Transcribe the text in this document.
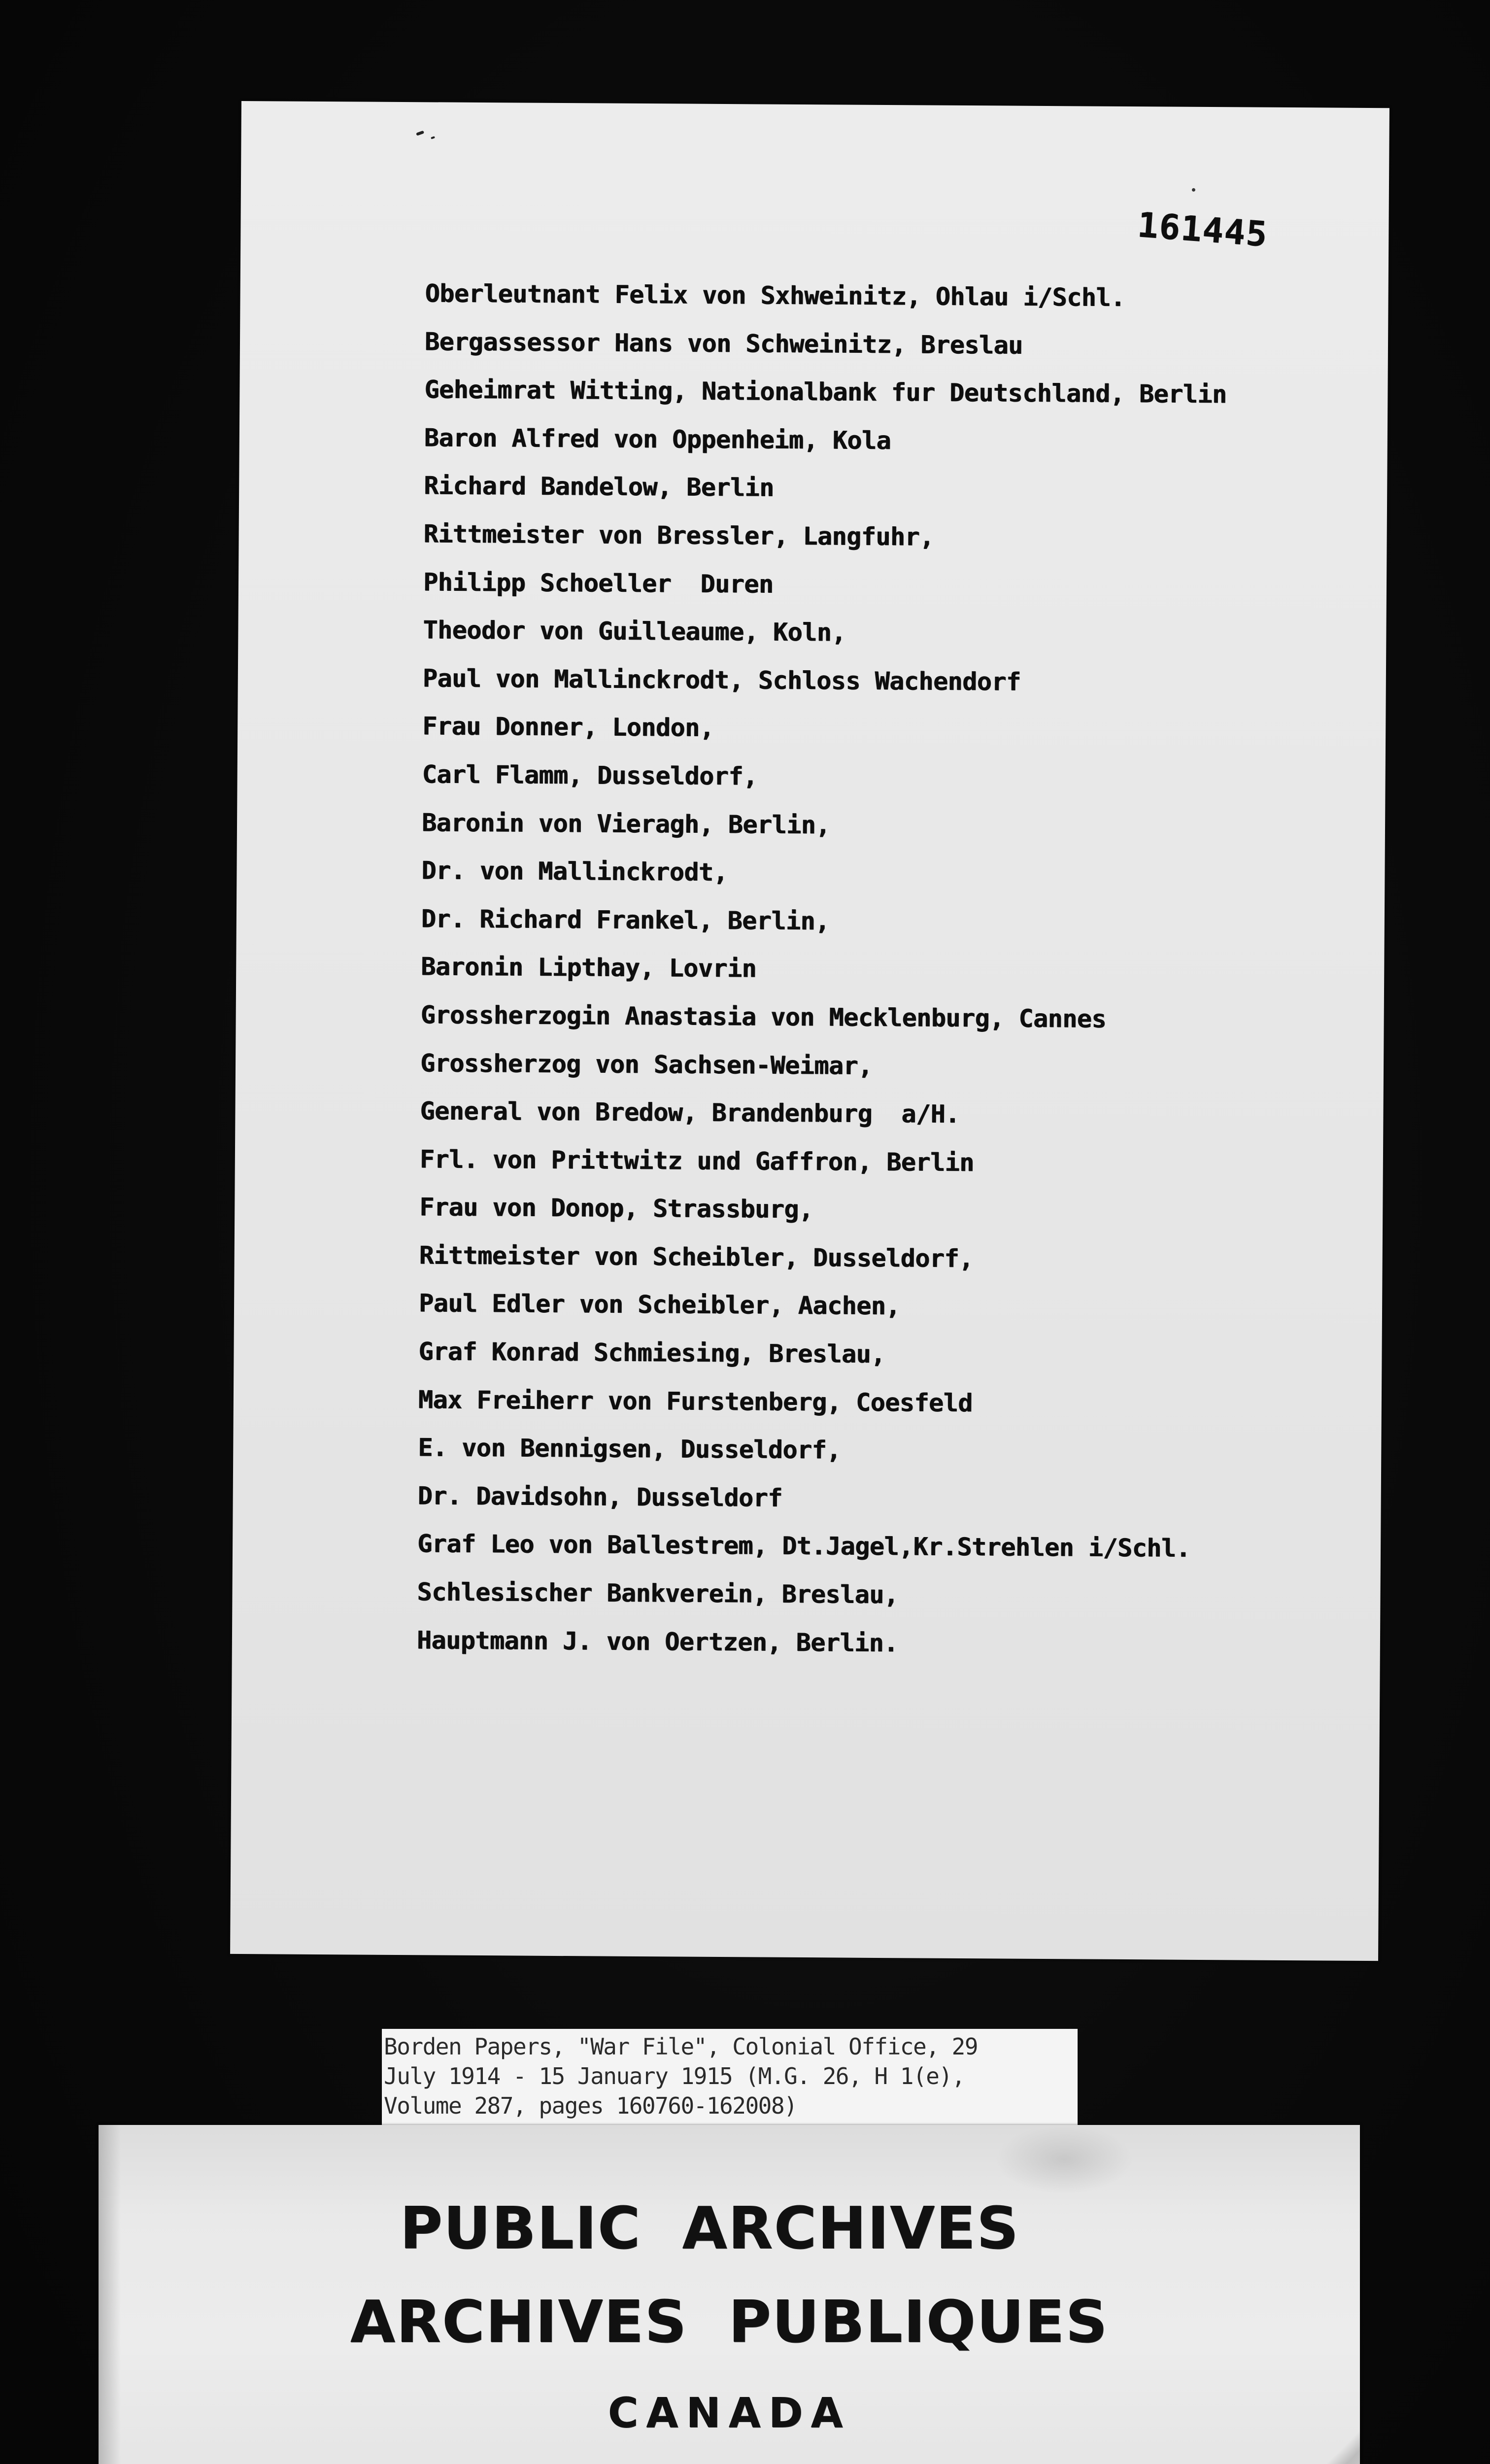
161445
Oberleutnant Felix von Sxhweinitz, Ohlau i/Schl.
Bergassessor Hans von Schweinitz, Breslau
Geheimrat Witting, Nationalbank fur Deutschland, Berlin
Baron Alfred von Oppenheim, Kola
Richard Bandelow, Berlin
Rittmeister von Bressler, Langfuhr,
Philipp Schoeller  Duren
Theodor von Guilleaume, Koln,
Paul von Mallinckrodt, Schloss Wachendorf
Frau Donner, London,
Carl Flamm, Dusseldorf,
Baronin von Vieragh, Berlin,
Dr. von Mallinckrodt,
Dr. Richard Frankel, Berlin,
Baronin Lipthay, Lovrin
Grossherzogin Anastasia von Mecklenburg, Cannes
Grossherzog von Sachsen-Weimar,
General von Bredow, Brandenburg  a/H.
Frl. von Prittwitz und Gaffron, Berlin
Frau von Donop, Strassburg,
Rittmeister von Scheibler, Dusseldorf,
Paul Edler von Scheibler, Aachen,
Graf Konrad Schmiesing, Breslau,
Max Freiherr von Furstenberg, Coesfeld
E. von Bennigsen, Dusseldorf,
Dr. Davidsohn, Dusseldorf
Graf Leo von Ballestrem, Dt.Jagel,Kr.Strehlen i/Schl.
Schlesischer Bankverein, Breslau,
Hauptmann J. von Oertzen, Berlin.
Borden Papers, "War File", Colonial Office, 29
July 1914 - 15 January 1915 (M.G. 26, H 1(e),
Volume 287, pages 160760-162008)
PUBLIC ARCHIVES
ARCHIVES PUBLIQUES
CANADA
